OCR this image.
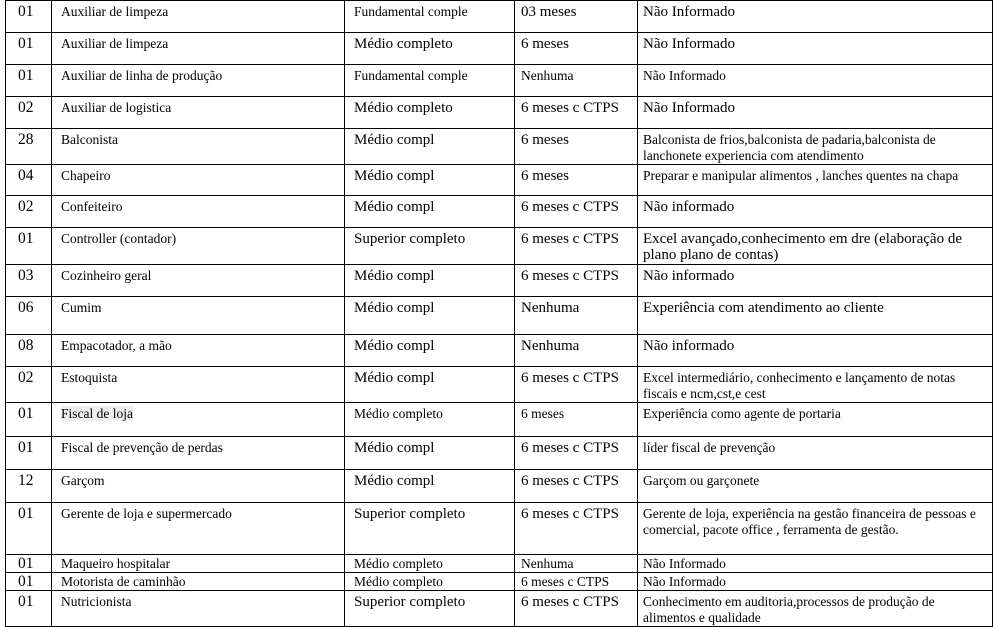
01	Auxiliar de limpeza	Fundamental comple	03 meses	Não Informado
01	Auxiliar de limpeza	Médio completo	6 meses	Não Informado
01	Auxiliar de linha de produção	Fundamental comple	Nenhuma	Não Informado
02	Auxiliar de logistica	Médio completo	6 meses c CTPS	Não Informado
28	Balconista	Médio compl	6 meses	Balconista de frios,balconista de padaria,balconista de lanchonete experiencia com atendimento
04	Chapeiro	Médio compl	6 meses	Preparar e manipular alimentos , lanches quentes na chapa
02	Confeiteiro	Médio compl	6 meses c CTPS	Não informado
01	Controller (contador)	Superior completo	6 meses c CTPS	Excel avançado,conhecimento em dre (elaboração de plano plano de contas)
03	Cozinheiro geral	Médio compl	6 meses c CTPS	Não informado
06	Cumim	Médio compl	Nenhuma	Experiência com atendimento ao cliente
08	Empacotador, a mão	Médio compl	Nenhuma	Não informado
02	Estoquista	Médio compl	6 meses c CTPS	Excel intermediário, conhecimento e lançamento de notas fiscais e ncm,cst,e cest
01	Fiscal de loja	Médio completo	6 meses	Experiência como agente de portaria
01	Fiscal de prevenção de perdas	Médio compl	6 meses c CTPS	líder fiscal de prevenção
12	Garçom	Médio compl	6 meses c CTPS	Garçom ou garçonete
01	Gerente de loja e supermercado	Superior completo	6 meses c CTPS	Gerente de loja, experiência na gestão financeira de pessoas e comercial, pacote office , ferramenta de gestão.
01	Maqueiro hospitalar	Médio completo	Nenhuma	Não Informado
01	Motorista de caminhão	Médio completo	6 meses c CTPS	Não Informado
01	Nutricionista	Superior completo	6 meses c CTPS	Conhecimento em auditoria,processos de produção de alimentos e qualidade
